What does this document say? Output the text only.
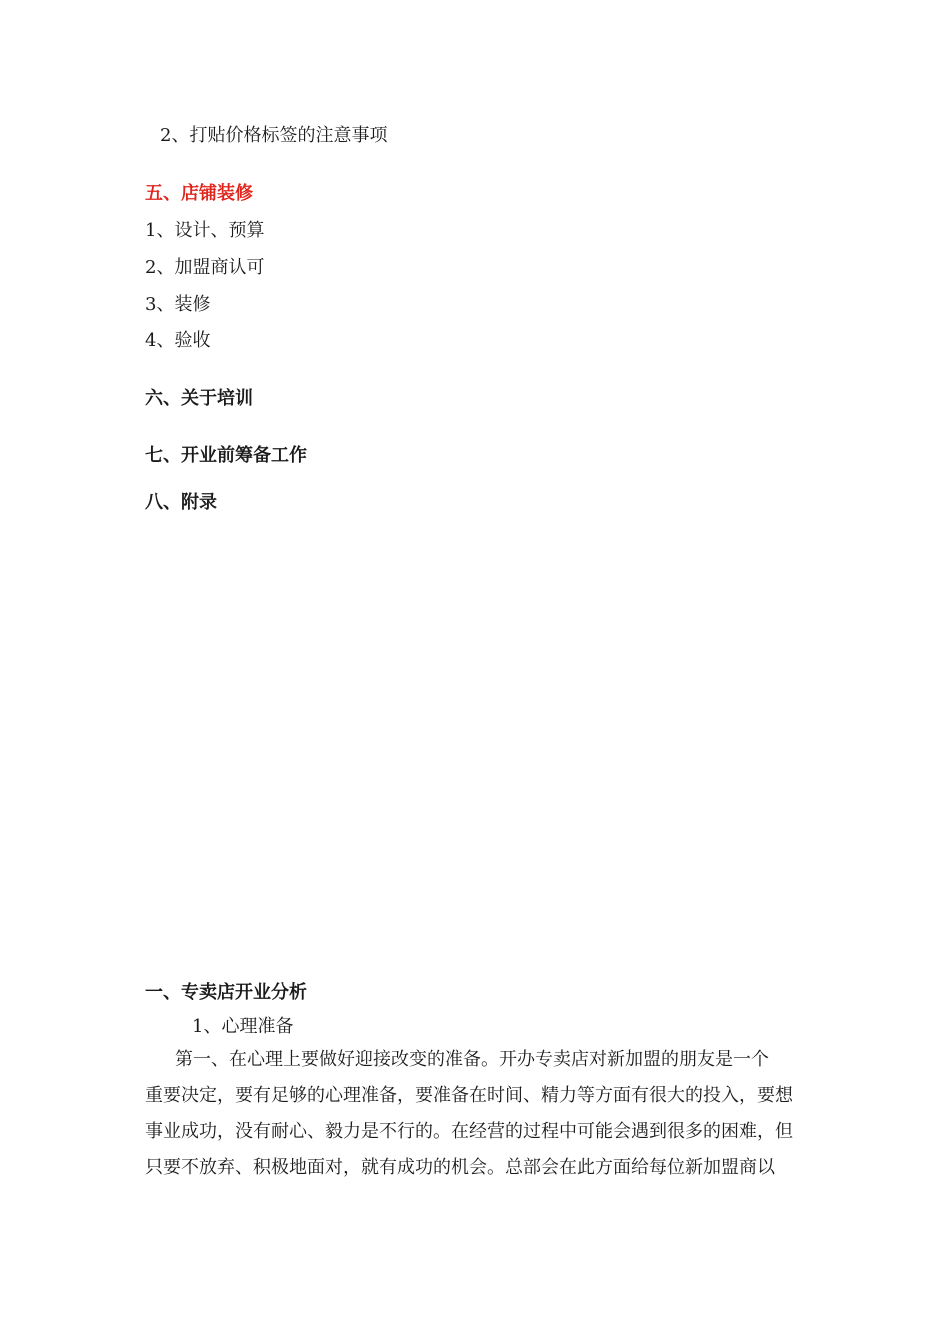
2、打贴价格标签的注意事项
五、店铺装修
1、设计、预算
2、加盟商认可
3、装修
4、验收
六、关于培训
七、开业前筹备工作
八、附录
一、专卖店开业分析
1、心理准备

第一、在心理上要做好迎接改变的准备。开办专卖店对新加盟的朋友是一个

重要决定，要有足够的心理准备，要准备在时间、精力等方面有很大的投入，要想

事业成功，没有耐心、毅力是不行的。在经营的过程中可能会遇到很多的困难，但

只要不放弃、积极地面对，就有成功的机会。总部会在此方面给每位新加盟商以
